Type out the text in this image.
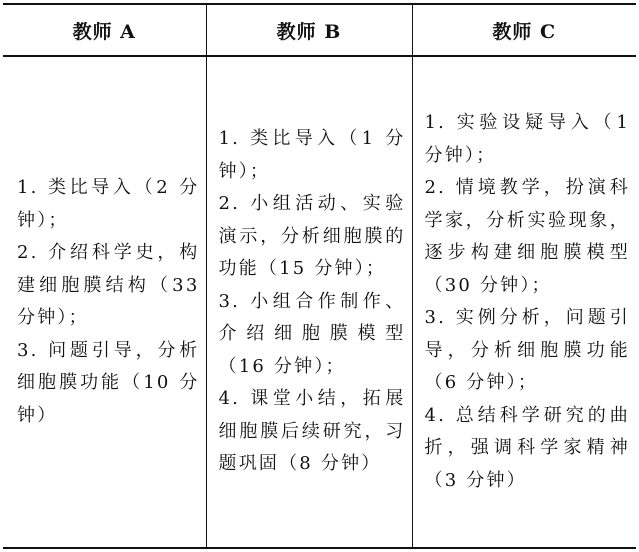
教师 A	教师 B	教师 C

1. 类比导入（2 分钟）；
2. 介绍科学史，构建细胞膜结构（33 分钟）；
3. 问题引导，分析细胞膜功能（10 分钟）	1. 类比导入（1 分钟）；
2. 小组活动、实验演示，分析细胞膜的功能（15 分钟）；
3. 小组合作制作、介绍细胞膜模型（16 分钟）；
4. 课堂小结，拓展细胞膜后续研究，习题巩固（8 分钟）	1. 实验设疑导入（1 分钟）；
2. 情境教学，扮演科学家，分析实验现象，逐步构建细胞膜模型（30 分钟）；
3. 实例分析，问题引导，分析细胞膜功能（6 分钟）；
4. 总结科学研究的曲折，强调科学家精神（3 分钟）
